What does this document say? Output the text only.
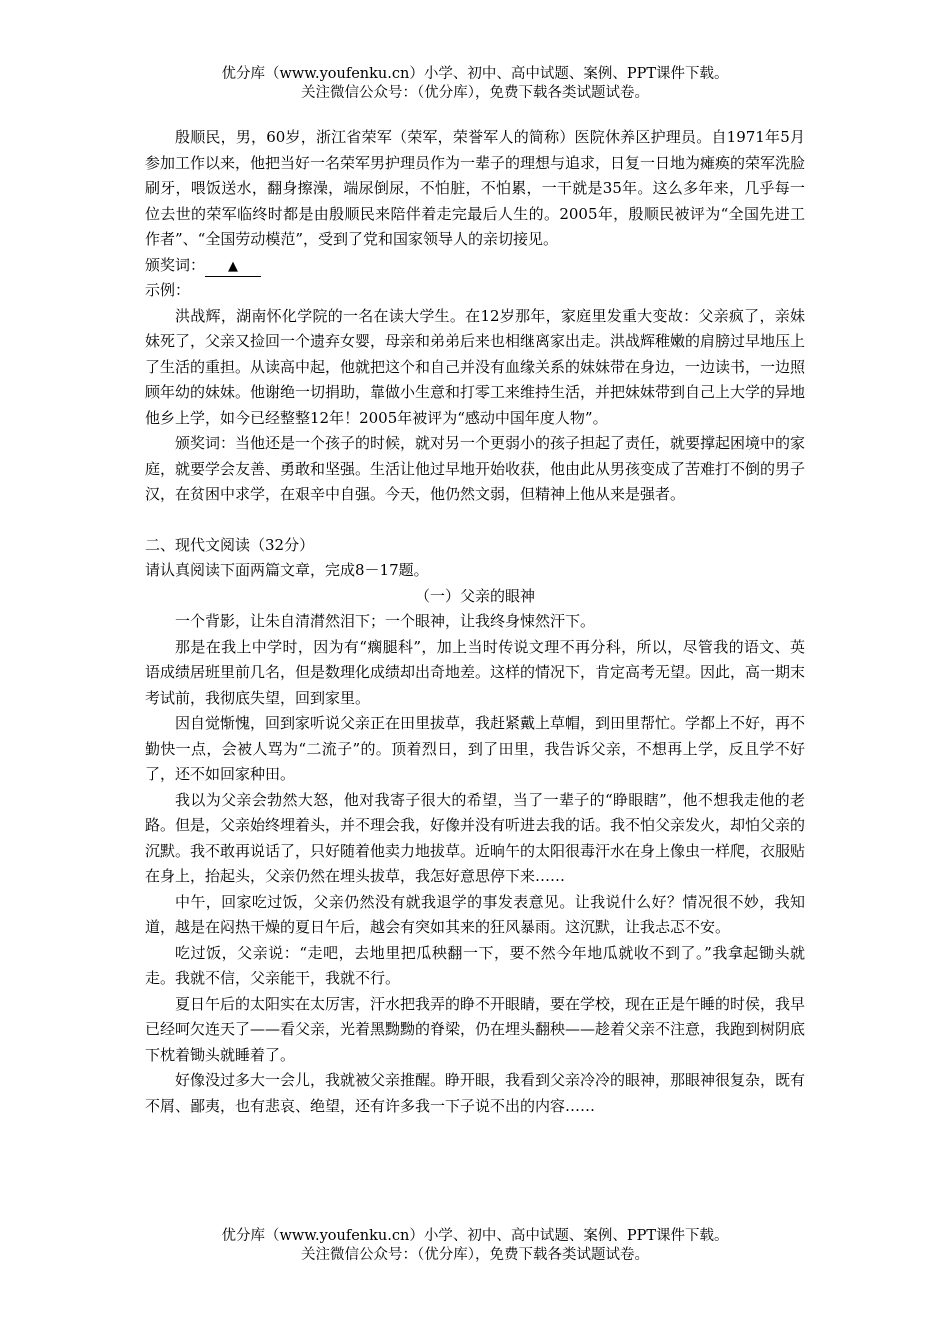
优分库（www.youfenku.cn）小学、初中、高中试题、案例、PPT课件下载。
关注微信公众号：（优分库），免费下载各类试题试卷。

殷顺民，男，60岁，浙江省荣军（荣军，荣誉军人的简称）医院休养区护理员。自1971年5月参加工作以来，他把当好一名荣军男护理员作为一辈子的理想与追求，日复一日地为瘫痪的荣军洗脸刷牙，喂饭送水，翻身擦澡，端尿倒尿，不怕脏，不怕累，一干就是35年。这么多年来，几乎每一位去世的荣军临终时都是由殷顺民来陪伴着走完最后人生的。2005年，殷顺民被评为“全国先进工作者”、“全国劳动模范”，受到了党和国家领导人的亲切接见。

颁奖词： ▲

示例：

洪战辉，湖南怀化学院的一名在读大学生。在12岁那年，家庭里发重大变故：父亲疯了，亲妹妹死了，父亲又捡回一个遗弃女婴，母亲和弟弟后来也相继离家出走。洪战辉稚嫩的肩膀过早地压上了生活的重担。从读高中起，他就把这个和自己并没有血缘关系的妹妹带在身边，一边读书，一边照顾年幼的妹妹。他谢绝一切捐助，靠做小生意和打零工来维持生活，并把妹妹带到自己上大学的异地他乡上学，如今已经整整12年！2005年被评为“感动中国年度人物”。

颁奖词：当他还是一个孩子的时候，就对另一个更弱小的孩子担起了责任，就要撑起困境中的家庭，就要学会友善、勇敢和坚强。生活让他过早地开始收获，他由此从男孩变成了苦难打不倒的男子汉，在贫困中求学，在艰辛中自强。今天，他仍然文弱，但精神上他从来是强者。

二、现代文阅读（32分）

请认真阅读下面两篇文章，完成8－17题。

（一）父亲的眼神

一个背影，让朱自清潸然泪下；一个眼神，让我终身悚然汗下。

那是在我上中学时，因为有“瘸腿科”，加上当时传说文理不再分科，所以，尽管我的语文、英语成绩居班里前几名，但是数理化成绩却出奇地差。这样的情况下，肯定高考无望。因此，高一期末考试前，我彻底失望，回到家里。

因自觉惭愧，回到家听说父亲正在田里拔草，我赶紧戴上草帽，到田里帮忙。学都上不好，再不勤快一点，会被人骂为“二流子”的。顶着烈日，到了田里，我告诉父亲，不想再上学，反且学不好了，还不如回家种田。

我以为父亲会勃然大怒，他对我寄子很大的希望，当了一辈子的“睁眼瞎”，他不想我走他的老路。但是，父亲始终埋着头，并不理会我，好像并没有听进去我的话。我不怕父亲发火，却怕父亲的沉默。我不敢再说话了，只好随着他卖力地拔草。近晌午的太阳很毒汗水在身上像虫一样爬，衣服贴在身上，抬起头，父亲仍然在埋头拔草，我怎好意思停下来……

中午，回家吃过饭，父亲仍然没有就我退学的事发表意见。让我说什么好？情况很不妙，我知道，越是在闷热干燥的夏日午后，越会有突如其来的狂风暴雨。这沉默，让我忐忑不安。

吃过饭，父亲说：“走吧，去地里把瓜秧翻一下，要不然今年地瓜就收不到了。”我拿起锄头就走。我就不信，父亲能干，我就不行。

夏日午后的太阳实在太厉害，汗水把我弄的睁不开眼睛，要在学校，现在正是午睡的时侯，我早已经呵欠连天了——看父亲，光着黑黝黝的脊梁，仍在埋头翻秧——趁着父亲不注意，我跑到树阴底下枕着锄头就睡着了。

好像没过多大一会儿，我就被父亲推醒。睁开眼，我看到父亲冷冷的眼神，那眼神很复杂，既有不屑、鄙夷，也有悲哀、绝望，还有许多我一下子说不出的内容……

优分库（www.youfenku.cn）小学、初中、高中试题、案例、PPT课件下载。
关注微信公众号：（优分库），免费下载各类试题试卷。
